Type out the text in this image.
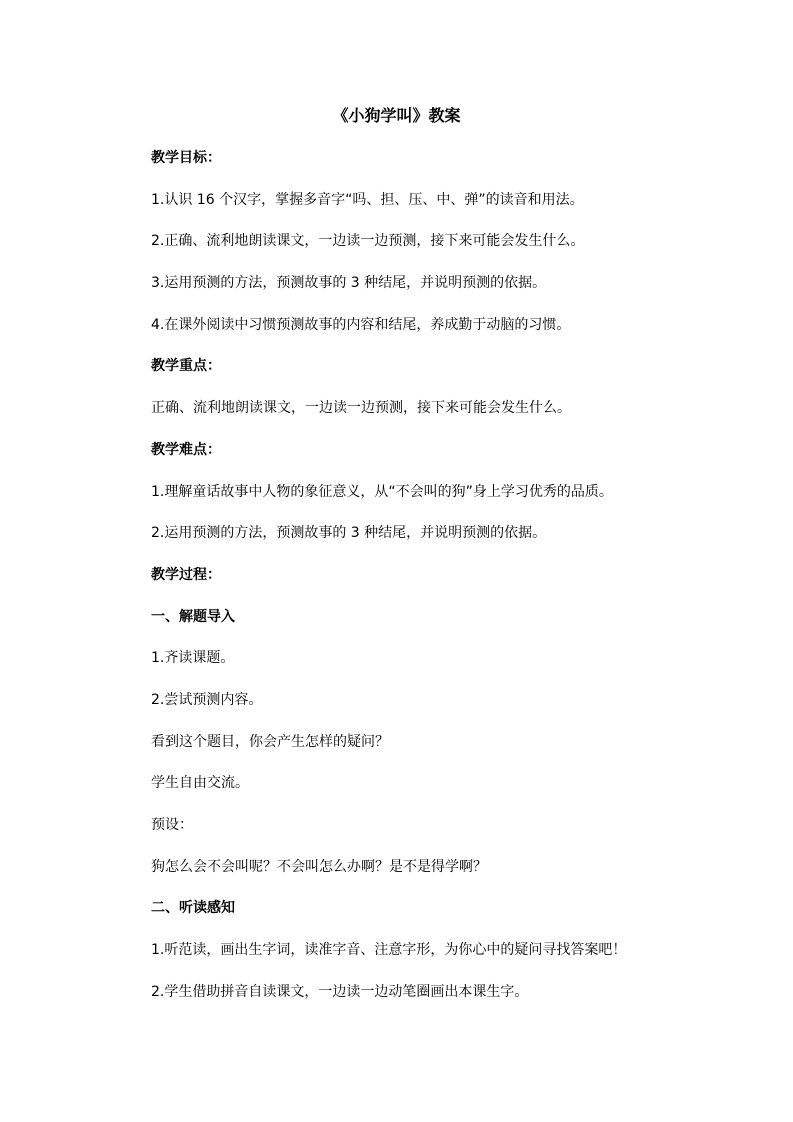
《小狗学叫》教案
教学目标：
1.认识 16 个汉字，掌握多音字“吗、担、压、中、弹”的读音和用法。
2.正确、流利地朗读课文，一边读一边预测，接下来可能会发生什么。
3.运用预测的方法，预测故事的 3 种结尾，并说明预测的依据。
4.在课外阅读中习惯预测故事的内容和结尾，养成勤于动脑的习惯。
教学重点：
正确、流利地朗读课文，一边读一边预测，接下来可能会发生什么。
教学难点：
1.理解童话故事中人物的象征意义，从“不会叫的狗”身上学习优秀的品质。
2.运用预测的方法，预测故事的 3 种结尾，并说明预测的依据。
教学过程：
一、解题导入
1.齐读课题。
2.尝试预测内容。
看到这个题目，你会产生怎样的疑问？
学生自由交流。
预设：
狗怎么会不会叫呢？不会叫怎么办啊？是不是得学啊？
二、听读感知
1.听范读，画出生字词，读准字音、注意字形，为你心中的疑问寻找答案吧！
2.学生借助拼音自读课文，一边读一边动笔圈画出本课生字。
